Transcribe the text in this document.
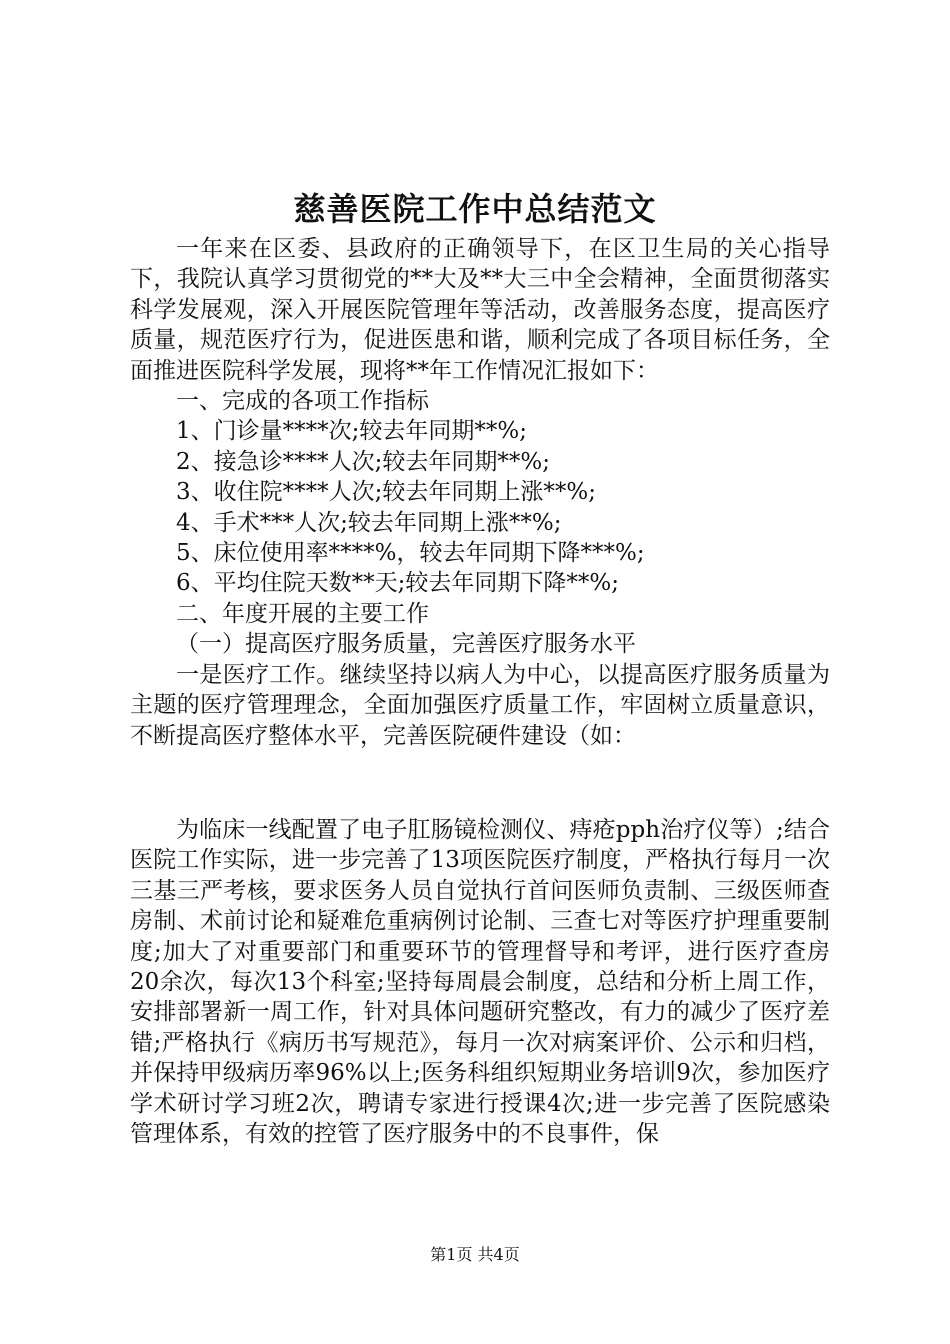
慈善医院工作中总结范文

一年来在区委、县政府的正确领导下，在区卫生局的关心指导下，我院认真学习贯彻党的**大及**大三中全会精神，全面贯彻落实科学发展观，深入开展医院管理年等活动，改善服务态度，提高医疗质量，规范医疗行为，促进医患和谐，顺利完成了各项目标任务，全面推进医院科学发展，现将**年工作情况汇报如下：

一、完成的各项工作指标

1、门诊量****次;较去年同期**%;

2、接急诊****人次;较去年同期**%;

3、收住院****人次;较去年同期上涨**%;

4、手术***人次;较去年同期上涨**%;

5、床位使用率****%，较去年同期下降***%;

6、平均住院天数**天;较去年同期下降**%;

二、年度开展的主要工作

（一）提高医疗服务质量，完善医疗服务水平

一是医疗工作。继续坚持以病人为中心，以提高医疗服务质量为主题的医疗管理理念，全面加强医疗质量工作，牢固树立质量意识，不断提高医疗整体水平，完善医院硬件建设（如：

为临床一线配置了电子肛肠镜检测仪、痔疮pph治疗仪等）;结合医院工作实际，进一步完善了13项医院医疗制度，严格执行每月一次三基三严考核，要求医务人员自觉执行首问医师负责制、三级医师查房制、术前讨论和疑难危重病例讨论制、三查七对等医疗护理重要制度;加大了对重要部门和重要环节的管理督导和考评，进行医疗查房20余次，每次13个科室;坚持每周晨会制度，总结和分析上周工作，安排部署新一周工作，针对具体问题研究整改，有力的减少了医疗差错;严格执行《病历书写规范》，每月一次对病案评价、公示和归档，并保持甲级病历率96%以上;医务科组织短期业务培训9次，参加医疗学术研讨学习班2次，聘请专家进行授课4次;进一步完善了医院感染管理体系，有效的控管了医疗服务中的不良事件，保

第1页 共4页
